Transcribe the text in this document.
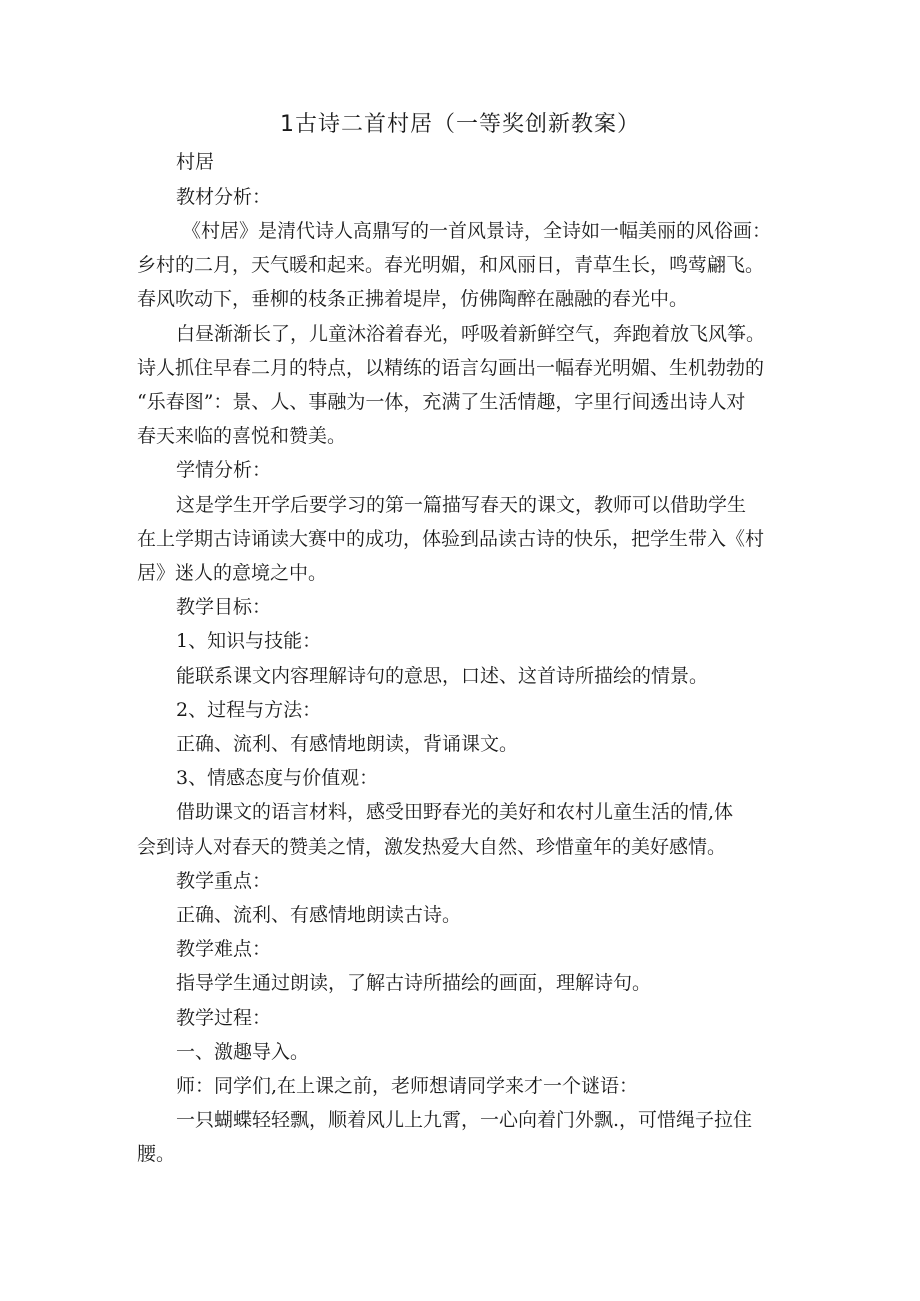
1古诗二首村居（一等奖创新教案）
村居
教材分析：
《村居》是清代诗人高鼎写的一首风景诗，全诗如一幅美丽的风俗画：
乡村的二月，天气暖和起来。春光明媚，和风丽日，青草生长，鸣莺翩飞。
春风吹动下，垂柳的枝条正拂着堤岸，仿佛陶醉在融融的春光中。
白昼渐渐长了，儿童沐浴着春光，呼吸着新鲜空气，奔跑着放飞风筝。
诗人抓住早春二月的特点，以精练的语言勾画出一幅春光明媚、生机勃勃的
“乐春图”：景、人、事融为一体，充满了生活情趣，字里行间透出诗人对
春天来临的喜悦和赞美。
学情分析：
这是学生开学后要学习的第一篇描写春天的课文，教师可以借助学生
在上学期古诗诵读大赛中的成功，体验到品读古诗的快乐，把学生带入《村
居》迷人的意境之中。
教学目标：
1、知识与技能：
能联系课文内容理解诗句的意思，口述、这首诗所描绘的情景。
2、过程与方法：
正确、流利、有感情地朗读，背诵课文。
3、情感态度与价值观：
借助课文的语言材料，感受田野春光的美好和农村儿童生活的情,体
会到诗人对春天的赞美之情，激发热爱大自然、珍惜童年的美好感情。
教学重点：
正确、流利、有感情地朗读古诗。
教学难点：
指导学生通过朗读，了解古诗所描绘的画面，理解诗句。
教学过程：
一、激趣导入。
师：同学们,在上课之前，老师想请同学来才一个谜语：
一只蝴蝶轻轻飘，顺着风儿上九霄，一心向着门外飘.，可惜绳子拉住
腰。
